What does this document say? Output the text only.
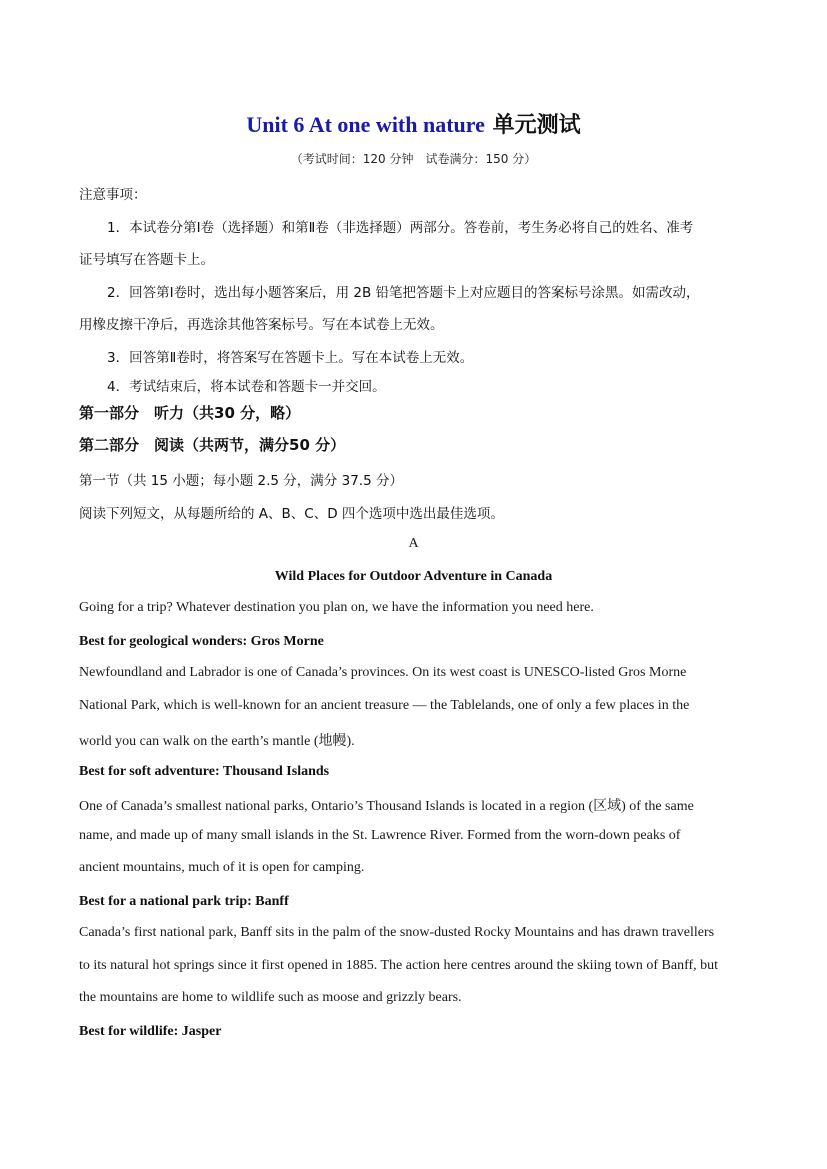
Unit 6 At one with nature 单元测试
（考试时间：120 分钟　试卷满分：150 分）
注意事项：
1．本试卷分第Ⅰ卷（选择题）和第Ⅱ卷（非选择题）两部分。答卷前，考生务必将自己的姓名、准考
证号填写在答题卡上。
2．回答第Ⅰ卷时，选出每小题答案后，用 2B 铅笔把答题卡上对应题目的答案标号涂黑。如需改动，
用橡皮擦干净后，再选涂其他答案标号。写在本试卷上无效。
3．回答第Ⅱ卷时，将答案写在答题卡上。写在本试卷上无效。
4．考试结束后，将本试卷和答题卡一并交回。
第一部分　听力（共30 分，略）
第二部分　阅读（共两节，满分50 分）
第一节（共 15 小题；每小题 2.5 分，满分 37.5 分）
阅读下列短文，从每题所给的 A、B、C、D 四个选项中选出最佳选项。
A
Wild Places for Outdoor Adventure in Canada
Going for a trip? Whatever destination you plan on, we have the information you need here.
Best for geological wonders: Gros Morne
Newfoundland and Labrador is one of Canada’s provinces. On its west coast is UNESCO-listed Gros Morne
National Park, which is well-known for an ancient treasure — the Tablelands, one of only a few places in the
world you can walk on the earth’s mantle (地幔).
Best for soft adventure: Thousand Islands
One of Canada’s smallest national parks, Ontario’s Thousand Islands is located in a region (区域) of the same
name, and made up of many small islands in the St. Lawrence River. Formed from the worn-down peaks of
ancient mountains, much of it is open for camping.
Best for a national park trip: Banff
Canada’s first national park, Banff sits in the palm of the snow-dusted Rocky Mountains and has drawn travellers
to its natural hot springs since it first opened in 1885. The action here centres around the skiing town of Banff, but
the mountains are home to wildlife such as moose and grizzly bears.
Best for wildlife: Jasper
